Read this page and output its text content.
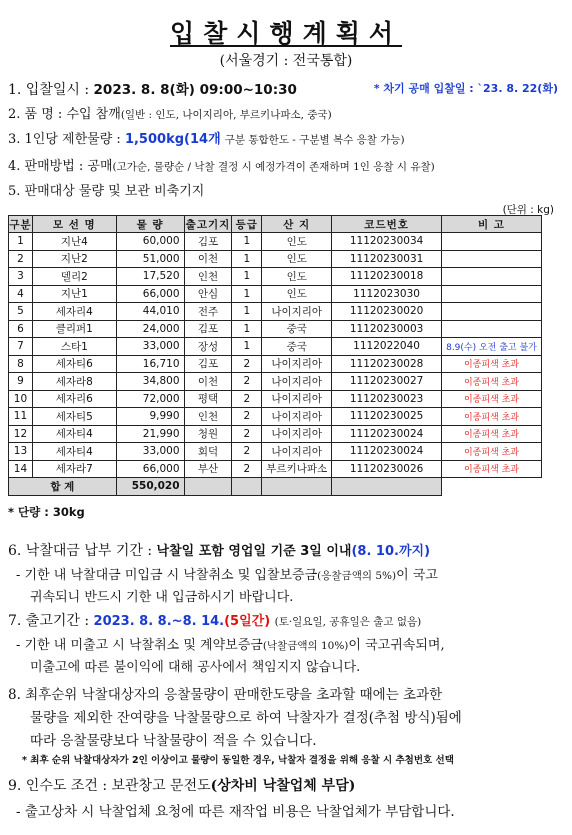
입찰시행계획서
(서울경기 : 전국통합)
1. 입찰일시 : 2023. 8. 8(화) 09:00~10:30	* 차기 공매 입찰일 : `23. 8. 22(화)
2. 품 명 : 수입 참깨(일반 : 인도, 나이지리아, 부르키나파소, 중국)
3. 1인당 제한물량 : 1,500kg(14개 구분 통합한도 - 구분별 복수 응찰 가능)
4. 판매방법 : 공매(고가순, 물량순 / 낙찰 결정 시 예정가격이 존재하며 1인 응찰 시 유찰)
5. 판매대상 물량 및 보관 비축기지
(단위 : kg)
구분	모 선 명	물 량	출고기지	등급	산 지	코드번호	비 고
1	지난4	60,000	김포	1	인도	11120230034	
2	지난2	51,000	이천	1	인도	11120230031	
3	델리2	17,520	인천	1	인도	11120230018	
4	지난1	66,000	안심	1	인도	1112023030	
5	세자리4	44,010	전주	1	나이지리아	11120230020	
6	클리퍼1	24,000	김포	1	중국	11120230003	
7	스타1	33,000	장성	1	중국	1112022040	8.9(수) 오전 출고 불가
8	세자티6	16,710	김포	2	나이지리아	11120230028	이종피색 초과
9	세자라8	34,800	이천	2	나이지리아	11120230027	이종피색 초과
10	세자리6	72,000	평택	2	나이지리아	11120230023	이종피색 초과
11	세자티5	9,990	인천	2	나이지리아	11120230025	이종피색 초과
12	세자티4	21,990	청원	2	나이지리아	11120230024	이종피색 초과
13	세자티4	33,000	회덕	2	나이지리아	11120230024	이종피색 초과
14	세자라7	66,000	부산	2	부르키나파소	11120230026	이종피색 초과
합 계		550,020					
* 단량 : 30kg
6. 낙찰대금 납부 기간 : 낙찰일 포함 영업일 기준 3일 이내(8. 10.까지)
- 기한 내 낙찰대금 미입금 시 낙찰취소 및 입찰보증금(응찰금액의 5%)이 국고
귀속되니 반드시 기한 내 입금하시기 바랍니다.
7. 출고기간 : 2023. 8. 8.~8. 14.(5일간) (토·일요일, 공휴일은 출고 없음)
- 기한 내 미출고 시 낙찰취소 및 계약보증금(낙찰금액의 10%)이 국고귀속되며,
미출고에 따른 불이익에 대해 공사에서 책임지지 않습니다.
8. 최후순위 낙찰대상자의 응찰물량이 판매한도량을 초과할 때에는 초과한
물량을 제외한 잔여량을 낙찰물량으로 하여 낙찰자가 결정(추첨 방식)됨에
따라 응찰물량보다 낙찰물량이 적을 수 있습니다.
* 최후 순위 낙찰대상자가 2인 이상이고 물량이 동일한 경우, 낙찰자 결정을 위해 응찰 시 추첨번호 선택
9. 인수도 조건 : 보관창고 문전도(상차비 낙찰업체 부담)
- 출고상차 시 낙찰업체 요청에 따른 재작업 비용은 낙찰업체가 부담합니다.
